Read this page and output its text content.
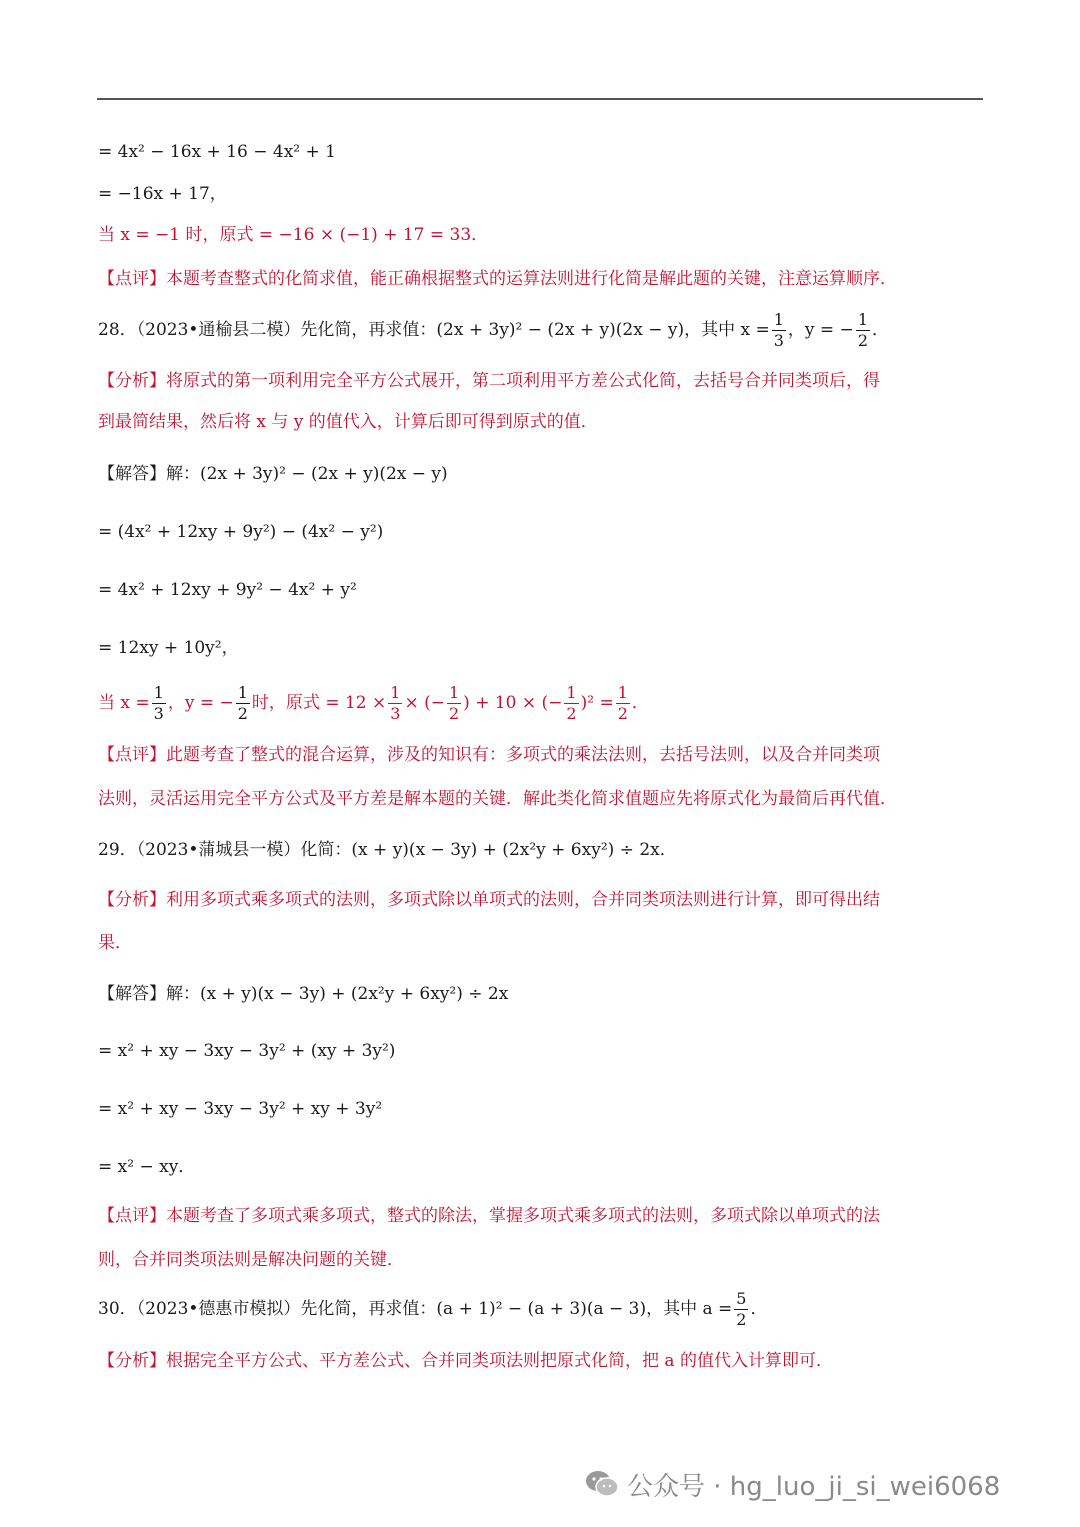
= 4x² − 16x + 16 − 4x² + 1
= −16x + 17，
当 x = −1 时，原式 = −16 × (−1) + 17 = 33．
【点评】本题考查整式的化简求值，能正确根据整式的运算法则进行化简是解此题的关键，注意运算顺序．
28．（2023•通榆县二模）先化简，再求值：(2x + 3y)² − (2x + y)(2x − y)，其中 $x = \frac{1}{3}$ ，y = − $\frac{1}{2}$ ．
【分析】将原式的第一项利用完全平方公式展开，第二项利用平方差公式化简，去括号合并同类项后，得
到最简结果，然后将 x 与 y 的值代入，计算后即可得到原式的值．
【解答】解：(2x + 3y)² − (2x + y)(2x − y)
= (4x² + 12xy + 9y²) − (4x² − y²)
= 4x² + 12xy + 9y² − 4x² + y²
= 12xy + 10y²，
当 $x = \frac{1}{3}$ ，y = − $\frac{1}{2}$ 时，原式 = $12 \times \frac{1}{3}$ × (− $\frac{1}{2}$ ) + 10 × (− $\frac{1}{2} )^2 = \frac{1}{2}$ ．
【点评】此题考查了整式的混合运算，涉及的知识有：多项式的乘法法则，去括号法则，以及合并同类项
法则，灵活运用完全平方公式及平方差是解本题的关键．解此类化简求值题应先将原式化为最简后再代值．
29．（2023•蒲城县一模）化简：(x + y)(x − 3y) + (2x²y + 6xy²) ÷ 2x．
【分析】利用多项式乘多项式的法则，多项式除以单项式的法则，合并同类项法则进行计算，即可得出结
果．
【解答】解：(x + y)(x − 3y) + (2x²y + 6xy²) ÷ 2x
= x² + xy − 3xy − 3y² + (xy + 3y²)
= x² + xy − 3xy − 3y² + xy + 3y²
= x² − xy．
【点评】本题考查了多项式乘多项式，整式的除法，掌握多项式乘多项式的法则，多项式除以单项式的法
则，合并同类项法则是解决问题的关键．
30．（2023•德惠市模拟）先化简，再求值：(a + 1)² − (a + 3)(a − 3)，其中 $a = \frac{5}{2}$ ．
【分析】根据完全平方公式、平方差公式、合并同类项法则把原式化简，把 a 的值代入计算即可．
公众号 · hg_luo_ji_si_wei6068
